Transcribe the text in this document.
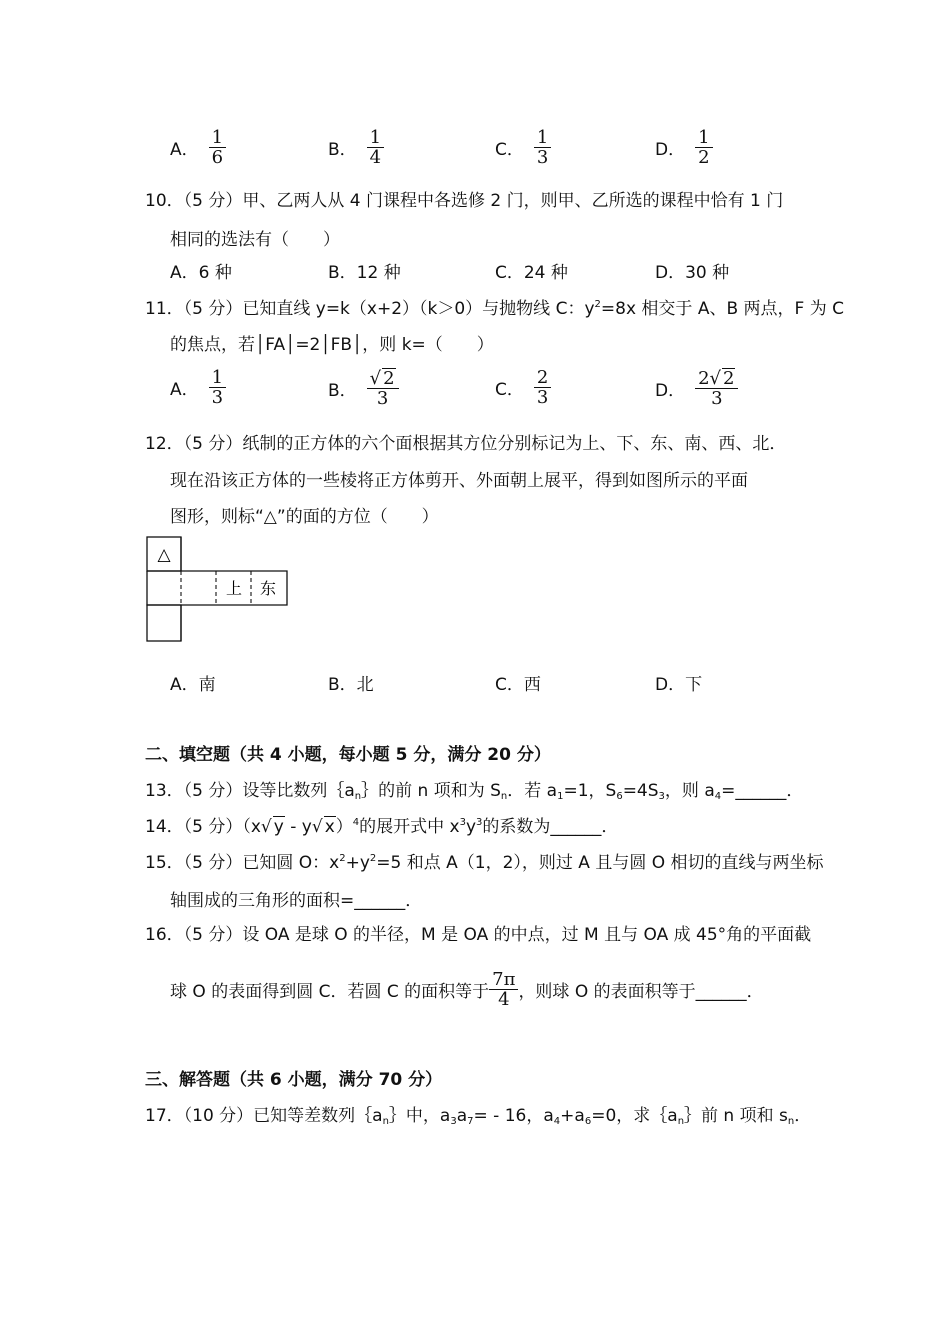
A． $\frac{1}{6}$	B． $\frac{1}{4}$	C． $\frac{1}{3}$	D． $\frac{1}{2}$
10．（5 分）甲、乙两人从 4 门课程中各选修 2 门，则甲、乙所选的课程中恰有 1 门
相同的选法有（　　）
A．6 种	B．12 种	C．24 种	D．30 种
11．（5 分）已知直线 y=k（x+2）（k＞0）与抛物线 C：$y^2=8x$ 相交于 A、B 两点，F 为 C
的焦点，若│FA│=2│FB│，则 k=（　　）
A． $\frac{1}{3}$	B． $\frac{√ 2}{3}$	C． $\frac{2}{3}$	D． $\frac{2√ 2}{3}$
12．（5 分）纸制的正方体的六个面根据其方位分别标记为上、下、东、南、西、北．
现在沿该正方体的一些棱将正方体剪开、外面朝上展平，得到如图所示的平面
图形，则标“△”的面的方位（　　）
△
上 东
A．南	B．北	C．西	D．下
二、填空题（共 4 小题，每小题 5 分，满分 20 分）
13．（5 分）设等比数列$\{a_n\}$的前 n 项和为 $S_n$．若 $a_1=1$，$S_6=4S_3$，则 $a_4=\_\_\_\_\_\_$．
14．（5 分）（x√ y - y√ x）$^4$的展开式中 $x^3y^3$的系数为______．
15．（5 分）已知圆 O：$x^2+y^2=5$ 和点 A（1，2），则过 A 且与圆 O 相切的直线与两坐标
轴围成的三角形的面积=______．
16．（5 分）设 OA 是球 O 的半径，M 是 OA 的中点，过 M 且与 OA 成 45°角的平面截
球 O 的表面得到圆 C．若圆 C 的面积等于 $\frac{7\pi}{4}$ ，则球 O 的表面积等于______．
三、解答题（共 6 小题，满分 70 分）
17．（10 分）已知等差数列$\{a_n\}$中，$a_3a_7= - 16$，$a_4+a_6=0$，求$\{a_n\}$前 n 项和 $s_n$．
